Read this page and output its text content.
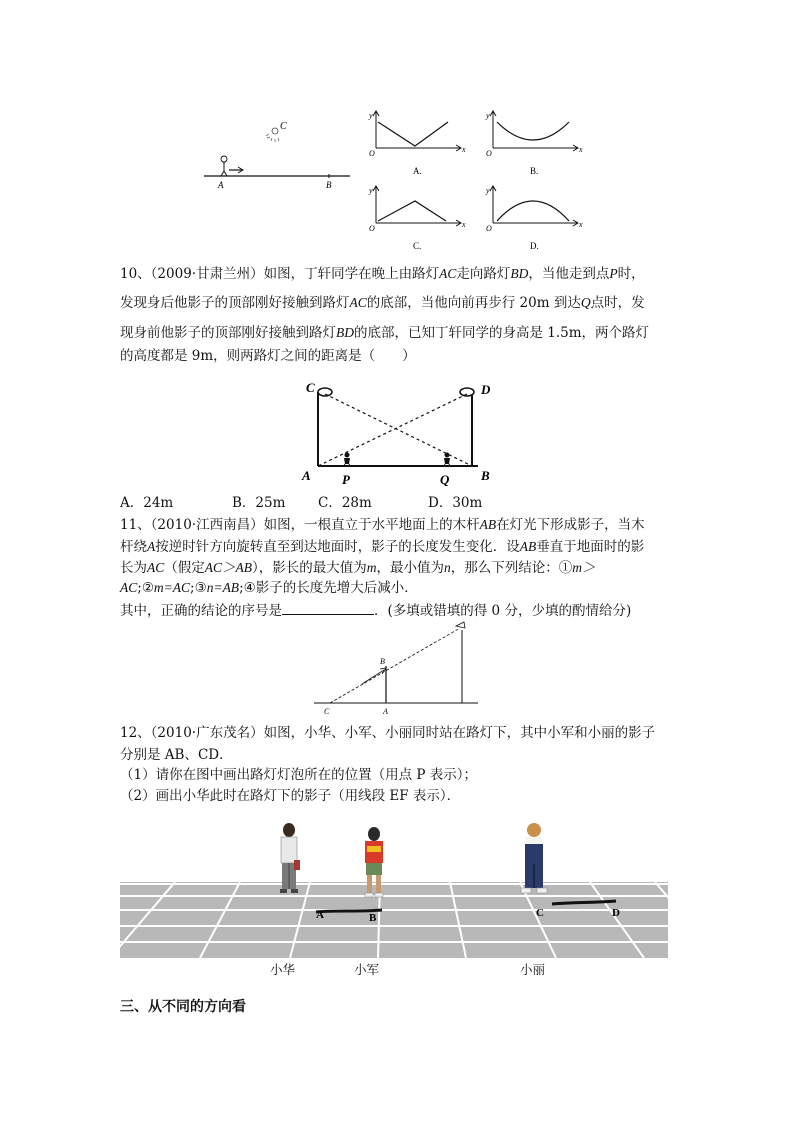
C
A	B
y
x
O
A.
y
x
O
B.
y
x
O
C.
y
x
O
D.
10、（2009·甘肃兰州）如图，丁轩同学在晚上由路灯AC走向路灯BD，当他走到点P时，
发现身后他影子的顶部刚好接触到路灯AC的底部，当他向前再步行 20m 到达Q点时，发
现身前他影子的顶部刚好接触到路灯BD的底部，已知丁轩同学的身高是 1.5m，两个路灯
的高度都是 9m，则两路灯之间的距离是（　　）
C	D
A P	Q B
A．24m	B．25m C．28m	D．30m
11、（2010·江西南昌）如图，一根直立于水平地面上的木杆AB在灯光下形成影子，当木
杆绕A按逆时针方向旋转直至到达地面时，影子的长度发生变化．设AB垂直于地面时的影
长为AC（假定AC＞AB），影长的最大值为m，最小值为n，那么下列结论：①m＞
AC;②m=AC;③n=AB;④影子的长度先增大后减小．
其中，正确的结论的序号是	．(多填或错填的得 0 分，少填的酌情给分)
C	A
B
12、（2010·广东茂名）如图，小华、小军、小丽同时站在路灯下，其中小军和小丽的影子
分别是 AB、CD．
（1）请你在图中画出路灯灯泡所在的位置（用点 P 表示）；
（2）画出小华此时在路灯下的影子（用线段 EF 表示）．
A	B	C	D
小华	小军	小丽
三、从不同的方向看
